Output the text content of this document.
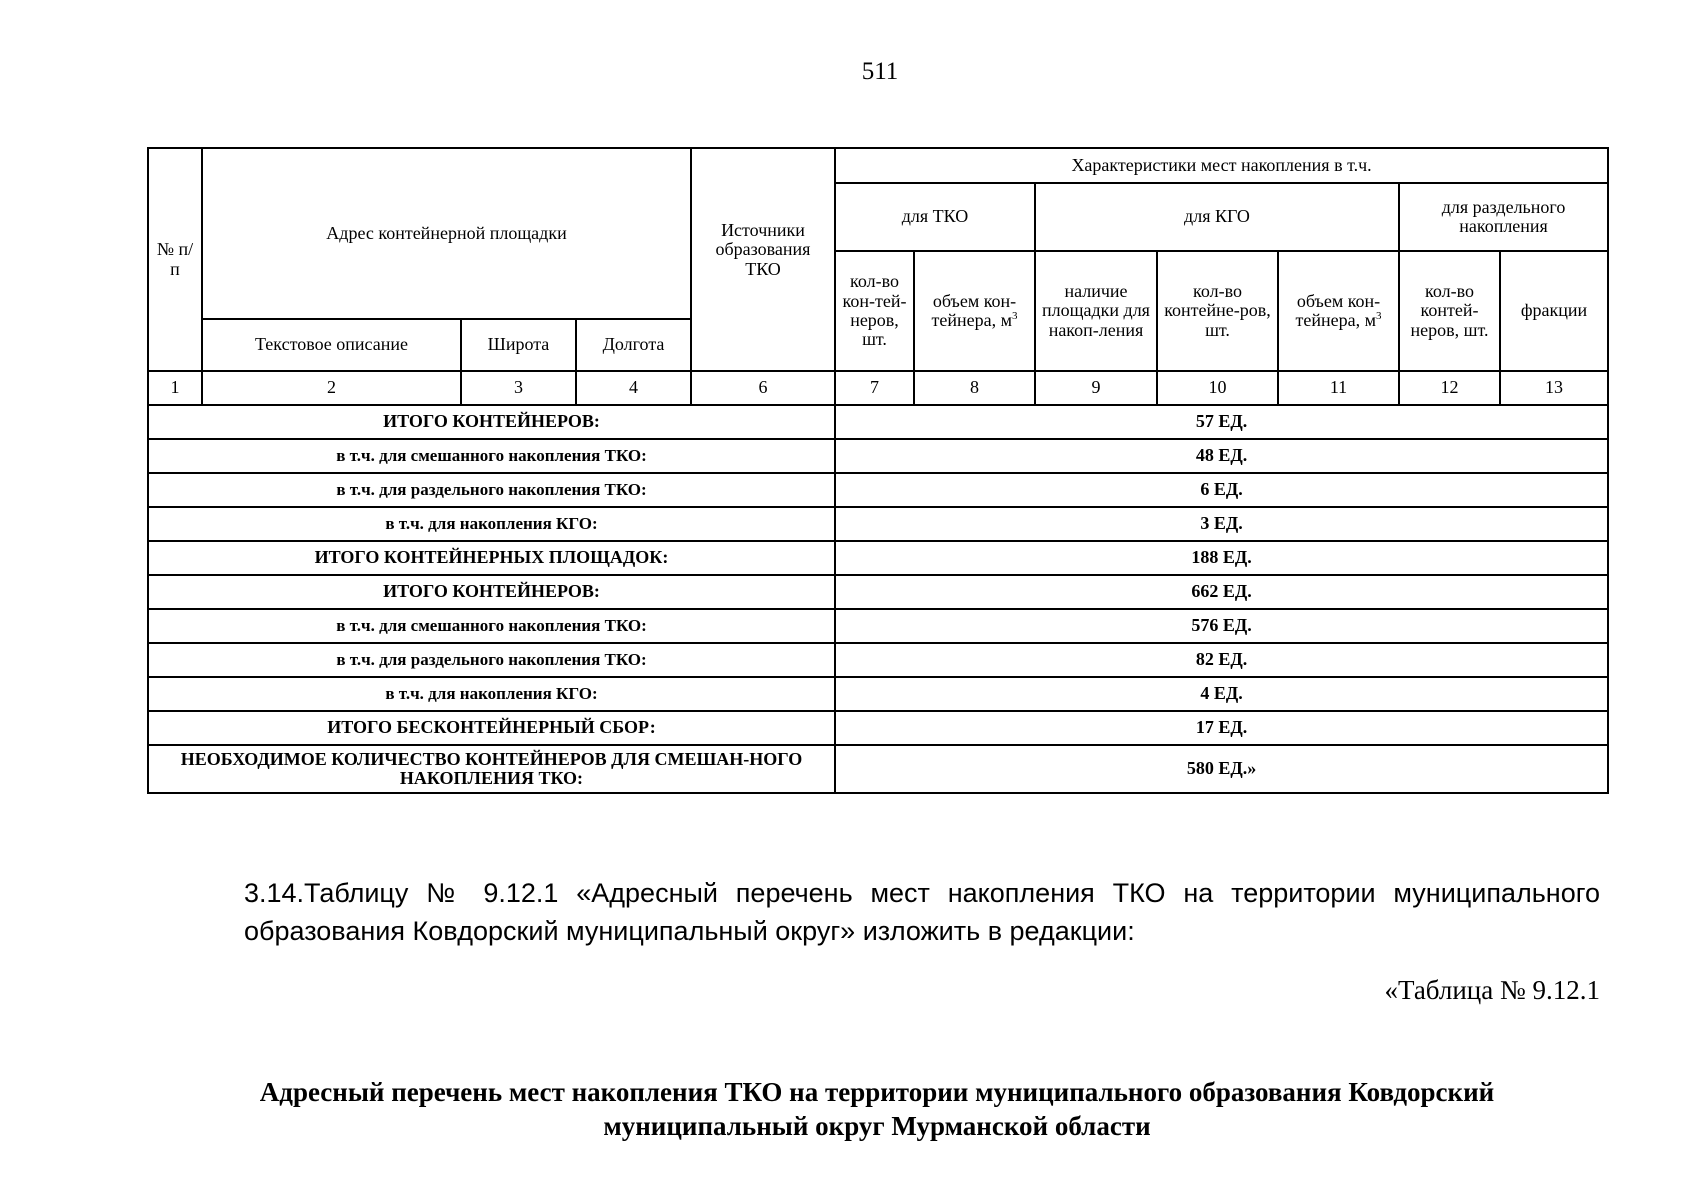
511
№ п/п	Адрес контейнерной площадки			Источники образования ТКО	Характеристики мест накопления в т.ч.						
					для ТКО		для КГО			для раздельного накопления	
					кол-во кон-тей-неров, шт.	объем кон-тейнера, $м^3$	наличие площадки для накоп-ления	кол-во контейне-ров, шт.	объем кон-тейнера, $м^3$	кол-во контей-неров, шт.	фракции
	Текстовое описание	Широта	Долгота								
1	2	3	4	6	7	8	9	10	11	12	13
ИТОГО КОНТЕЙНЕРОВ:					57 ЕД.						
в т.ч. для смешанного накопления ТКО:					48 ЕД.						
в т.ч. для раздельного накопления ТКО:					6 ЕД.						
в т.ч. для накопления КГО:					3 ЕД.						
ИТОГО КОНТЕЙНЕРНЫХ ПЛОЩАДОК:					188 ЕД.						
ИТОГО КОНТЕЙНЕРОВ:					662 ЕД.						
в т.ч. для смешанного накопления ТКО:					576 ЕД.						
в т.ч. для раздельного накопления ТКО:					82 ЕД.						
в т.ч. для накопления КГО:					4 ЕД.						
ИТОГО БЕСКОНТЕЙНЕРНЫЙ СБОР:					17 ЕД.						
НЕОБХОДИМОЕ КОЛИЧЕСТВО КОНТЕЙНЕРОВ ДЛЯ СМЕШАН-НОГО НАКОПЛЕНИЯ ТКО:					580 ЕД.»						
3.14.Таблицу № 9.12.1 «Адресный перечень мест накопления ТКО на территории муниципального образования Ковдорский муниципальный округ» изложить в редакции:
«Таблица № 9.12.1
Адресный перечень мест накопления ТКО на территории муниципального образования Ковдорский
муниципальный округ Мурманской области
